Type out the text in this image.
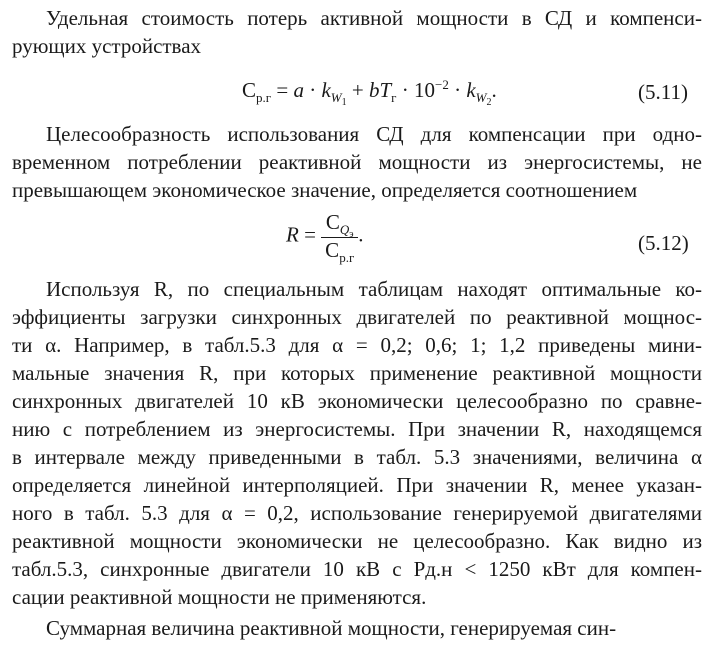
Удельная стоимость потерь активной мощности в СД и компенси-
рующих устройствах
$C_{р.г} = a \cdot k_{W_1} + bT_г \cdot 10^{-2} \cdot k_{W_2}$.	(5.11)
Целесообразность использования СД для компенсации при одно-
временном потреблении реактивной мощности из энергосистемы, не
превышающем экономическое значение, определяется соотношением
$R = \frac{C_{Q_э}}{C_{р.г}}$ .	(5.12)
Используя R, по специальным таблицам находят оптимальные ко-
эффициенты загрузки синхронных двигателей по реактивной мощнос-
ти α. Например, в табл.5.3 для α = 0,2; 0,6; 1; 1,2 приведены мини-
мальные значения R, при которых применение реактивной мощности
синхронных двигателей 10 кВ экономически целесообразно по сравне-
нию с потреблением из энергосистемы. При значении R, находящемся
в интервале между приведенными в табл. 5.3 значениями, величина α
определяется линейной интерполяцией. При значении R, менее указан-
ного в табл. 5.3 для α = 0,2, использование генерируемой двигателями
реактивной мощности экономически не целесообразно. Как видно из
табл.5.3, синхронные двигатели 10 кВ с Pд.н < 1250 кВт для компен-
сации реактивной мощности не применяются.
Суммарная величина реактивной мощности, генерируемая син-
